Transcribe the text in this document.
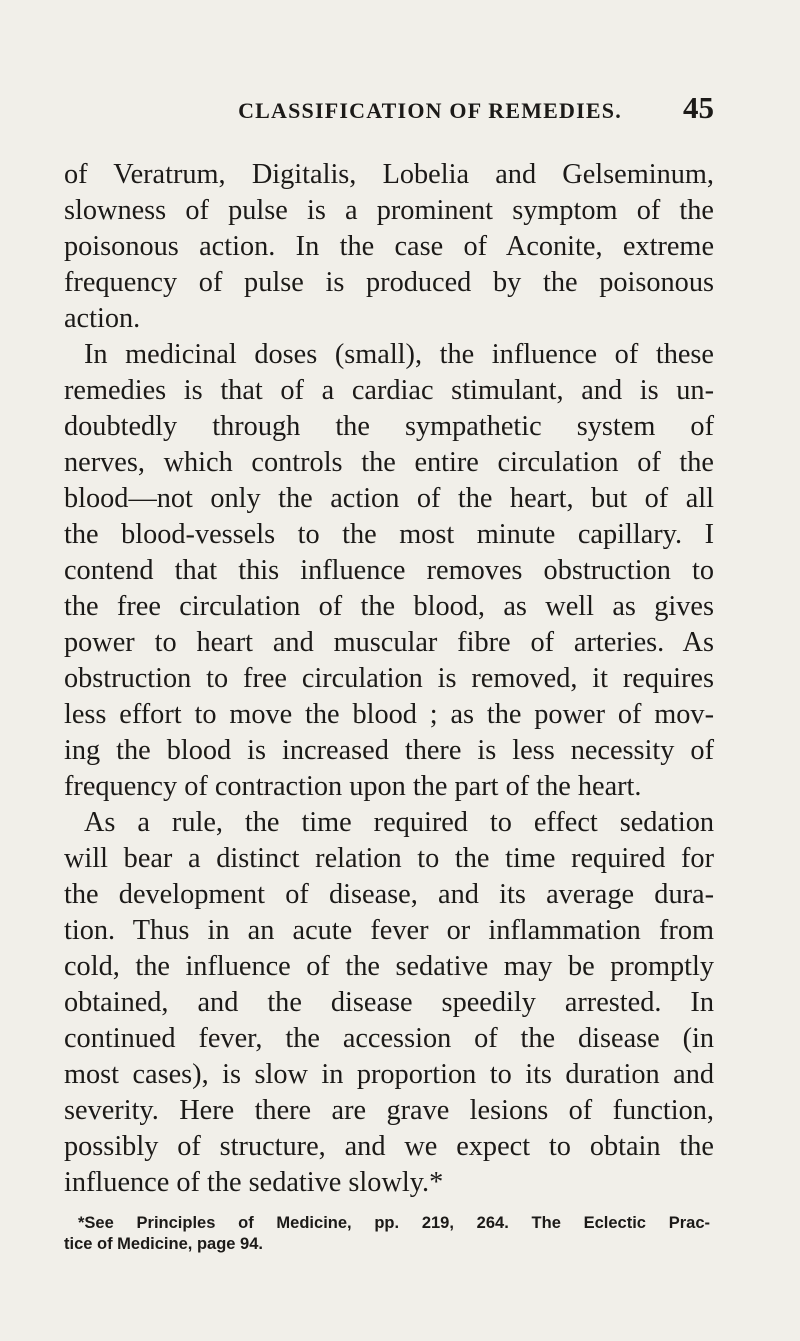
CLASSIFICATION OF REMEDIES.	45
of Veratrum, Digitalis, Lobelia and Gelseminum,
slowness of pulse is a prominent symptom of the
poisonous action. In the case of Aconite, extreme
frequency of pulse is produced by the poisonous
action.
In medicinal doses (small), the influence of these
remedies is that of a cardiac stimulant, and is un-
doubtedly through the sympathetic system of
nerves, which controls the entire circulation of the
blood—not only the action of the heart, but of all
the blood-vessels to the most minute capillary. I
contend that this influence removes obstruction to
the free circulation of the blood, as well as gives
power to heart and muscular fibre of arteries. As
obstruction to free circulation is removed, it requires
less effort to move the blood ; as the power of mov-
ing the blood is increased there is less necessity of
frequency of contraction upon the part of the heart.
As a rule, the time required to effect sedation
will bear a distinct relation to the time required for
the development of disease, and its average dura-
tion. Thus in an acute fever or inflammation from
cold, the influence of the sedative may be promptly
obtained, and the disease speedily arrested. In
continued fever, the accession of the disease (in
most cases), is slow in proportion to its duration and
severity. Here there are grave lesions of function,
possibly of structure, and we expect to obtain the
influence of the sedative slowly.*
*See Principles of Medicine, pp. 219, 264. The Eclectic Prac-
tice of Medicine, page 94.
